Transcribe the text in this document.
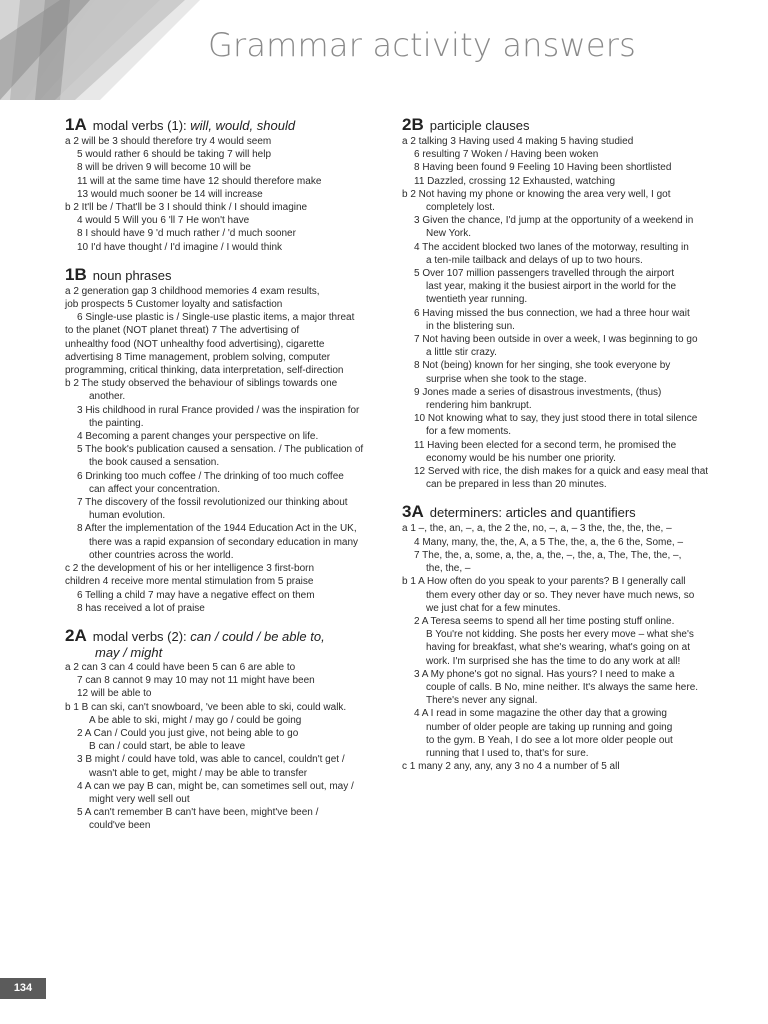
Grammar activity answers
1A modal verbs (1): will, would, should
a 2 will be 3 should therefore try 4 would seem
5 would rather 6 should be taking 7 will help
8 will be driven 9 will become 10 will be
11 will at the same time have 12 should therefore make
13 would much sooner be 14 will increase
b 2 It'll be / That'll be 3 I should think / I should imagine
4 would 5 Will you 6 'll 7 He won't have
8 I should have 9 'd much rather / 'd much sooner
10 I'd have thought / I'd imagine / I would think
1B noun phrases
a 2 generation gap 3 childhood memories 4 exam results,
job prospects 5 Customer loyalty and satisfaction
6 Single-use plastic is / Single-use plastic items, a major threat
to the planet (NOT planet threat) 7 The advertising of
unhealthy food (NOT unhealthy food advertising), cigarette
advertising 8 Time management, problem solving, computer
programming, critical thinking, data interpretation, self-direction
b 2 The study observed the behaviour of siblings towards one
another.
3 His childhood in rural France provided / was the inspiration for
the painting.
4 Becoming a parent changes your perspective on life.
5 The book's publication caused a sensation. / The publication of
the book caused a sensation.
6 Drinking too much coffee / The drinking of too much coffee
can affect your concentration.
7 The discovery of the fossil revolutionized our thinking about
human evolution.
8 After the implementation of the 1944 Education Act in the UK,
there was a rapid expansion of secondary education in many
other countries across the world.
c 2 the development of his or her intelligence 3 first-born
children 4 receive more mental stimulation from 5 praise
6 Telling a child 7 may have a negative effect on them
8 has received a lot of praise
2A modal verbs (2): can / could / be able to,
may / might
a 2 can 3 can 4 could have been 5 can 6 are able to
7 can 8 cannot 9 may 10 may not 11 might have been
12 will be able to
b 1 B can ski, can't snowboard, 've been able to ski, could walk.
A be able to ski, might / may go / could be going
2 A Can / Could you just give, not being able to go
B can / could start, be able to leave
3 B might / could have told, was able to cancel, couldn't get /
wasn't able to get, might / may be able to transfer
4 A can we pay B can, might be, can sometimes sell out, may /
might very well sell out
5 A can't remember B can't have been, might've been /
could've been
2B participle clauses
a 2 talking 3 Having used 4 making 5 having studied
6 resulting 7 Woken / Having been woken
8 Having been found 9 Feeling 10 Having been shortlisted
11 Dazzled, crossing 12 Exhausted, watching
b 2 Not having my phone or knowing the area very well, I got
completely lost.
3 Given the chance, I'd jump at the opportunity of a weekend in
New York.
4 The accident blocked two lanes of the motorway, resulting in
a ten-mile tailback and delays of up to two hours.
5 Over 107 million passengers travelled through the airport
last year, making it the busiest airport in the world for the
twentieth year running.
6 Having missed the bus connection, we had a three hour wait
in the blistering sun.
7 Not having been outside in over a week, I was beginning to go
a little stir crazy.
8 Not (being) known for her singing, she took everyone by
surprise when she took to the stage.
9 Jones made a series of disastrous investments, (thus)
rendering him bankrupt.
10 Not knowing what to say, they just stood there in total silence
for a few moments.
11 Having been elected for a second term, he promised the
economy would be his number one priority.
12 Served with rice, the dish makes for a quick and easy meal that
can be prepared in less than 20 minutes.
3A determiners: articles and quantifiers
a 1 –, the, an, –, a, the 2 the, no, –, a, – 3 the, the, the, the, –
4 Many, many, the, the, A, a 5 The, the, a, the 6 the, Some, –
7 The, the, a, some, a, the, a, the, –, the, a, The, The, the, –,
the, the, –
b 1 A How often do you speak to your parents? B I generally call
them every other day or so. They never have much news, so
we just chat for a few minutes.
2 A Teresa seems to spend all her time posting stuff online.
B You're not kidding. She posts her every move – what she's
having for breakfast, what she's wearing, what's going on at
work. I'm surprised she has the time to do any work at all!
3 A My phone's got no signal. Has yours? I need to make a
couple of calls. B No, mine neither. It's always the same here.
There's never any signal.
4 A I read in some magazine the other day that a growing
number of older people are taking up running and going
to the gym. B Yeah, I do see a lot more older people out
running that I used to, that's for sure.
c 1 many 2 any, any, any 3 no 4 a number of 5 all
134
